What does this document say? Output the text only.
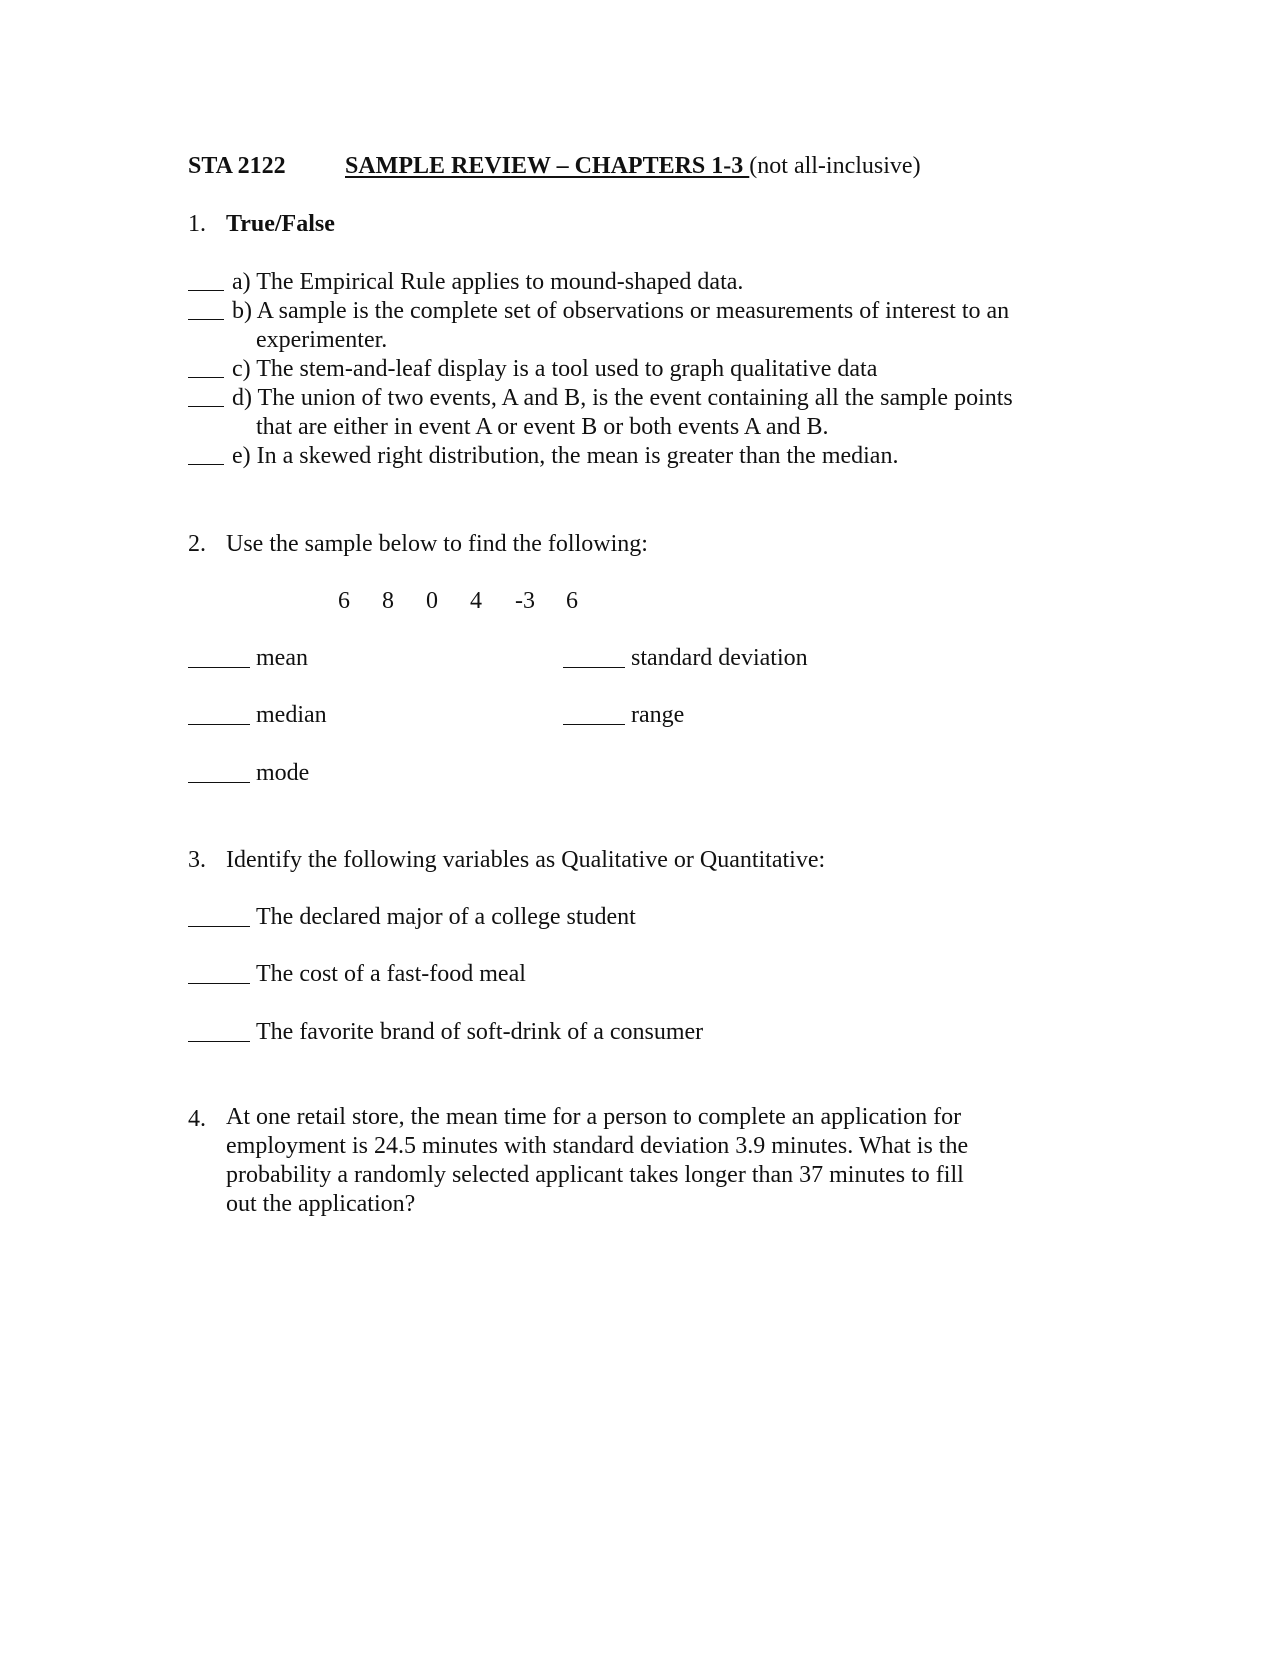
STA 2122 SAMPLE REVIEW – CHAPTERS 1-3 (not all-inclusive)
1. True/False
a) The Empirical Rule applies to mound-shaped data.
b) A sample is the complete set of observations or measurements of interest to an
experimenter.
c) The stem-and-leaf display is a tool used to graph qualitative data
d) The union of two events, A and B, is the event containing all the sample points
that are either in event A or event B or both events A and B.
e) In a skewed right distribution, the mean is greater than the median.
2. Use the sample below to find the following:
6 8 0 4 -3 6
mean
median
mode
standard deviation
range
3. Identify the following variables as Qualitative or Quantitative:
The declared major of a college student
The cost of a fast-food meal
The favorite brand of soft-drink of a consumer
4. At one retail store, the mean time for a person to complete an application for
employment is 24.5 minutes with standard deviation 3.9 minutes. What is the
probability a randomly selected applicant takes longer than 37 minutes to fill
out the application?
